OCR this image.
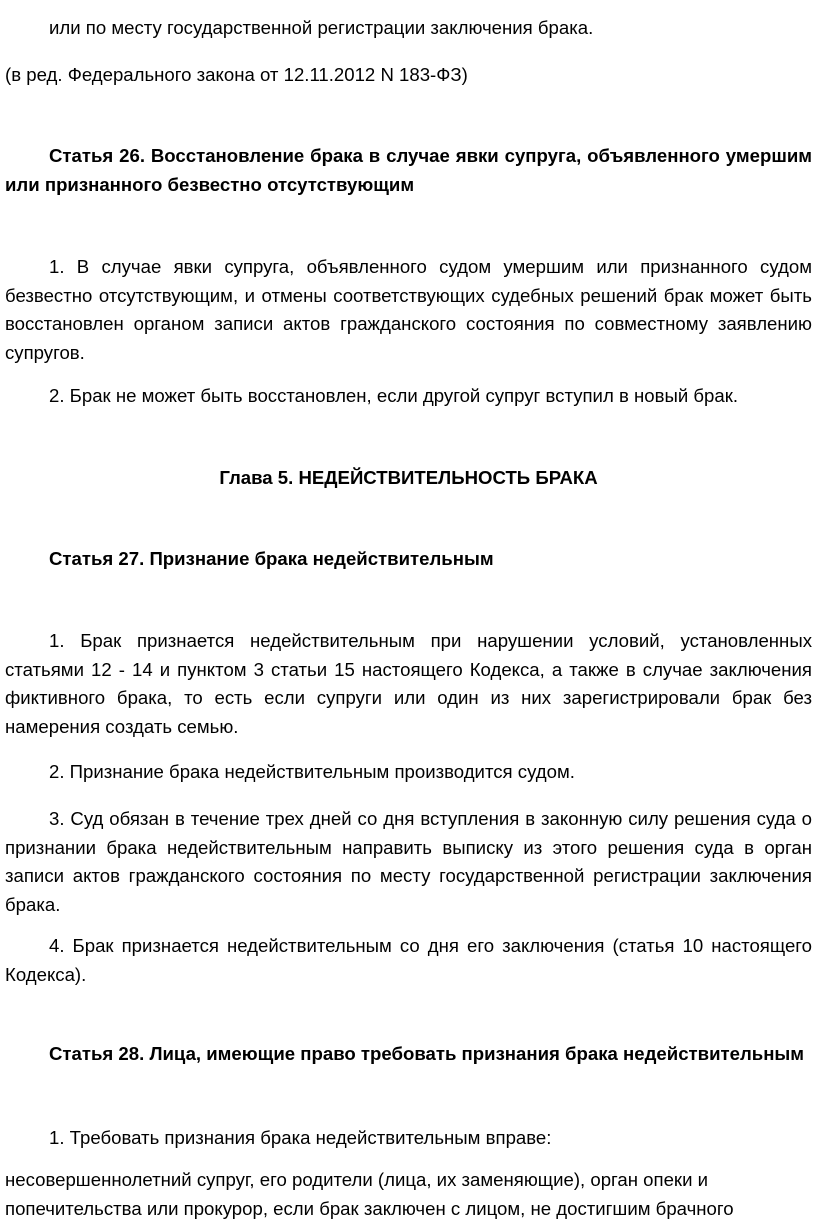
или по месту государственной регистрации заключения брака.

(в ред. Федерального закона от 12.11.2012 N 183-ФЗ)

Статья 26. Восстановление брака в случае явки супруга, объявленного умершим или признанного безвестно отсутствующим

1. В случае явки супруга, объявленного судом умершим или признанного судом безвестно отсутствующим, и отмены соответствующих судебных решений брак может быть восстановлен органом записи актов гражданского состояния по совместному заявлению супругов.

2. Брак не может быть восстановлен, если другой супруг вступил в новый брак.

Глава 5. НЕДЕЙСТВИТЕЛЬНОСТЬ БРАКА

Статья 27. Признание брака недействительным

1. Брак признается недействительным при нарушении условий, установленных статьями 12 - 14 и пунктом 3 статьи 15 настоящего Кодекса, а также в случае заключения фиктивного брака, то есть если супруги или один из них зарегистрировали брак без намерения создать семью.

2. Признание брака недействительным производится судом.

3. Суд обязан в течение трех дней со дня вступления в законную силу решения суда о признании брака недействительным направить выписку из этого решения суда в орган записи актов гражданского состояния по месту государственной регистрации заключения брака.

4. Брак признается недействительным со дня его заключения (статья 10 настоящего Кодекса).

Статья 28. Лица, имеющие право требовать признания брака недействительным

1. Требовать признания брака недействительным вправе:

несовершеннолетний супруг, его родители (лица, их заменяющие), орган опеки и попечительства или прокурор, если брак заключен с лицом, не достигшим брачного
